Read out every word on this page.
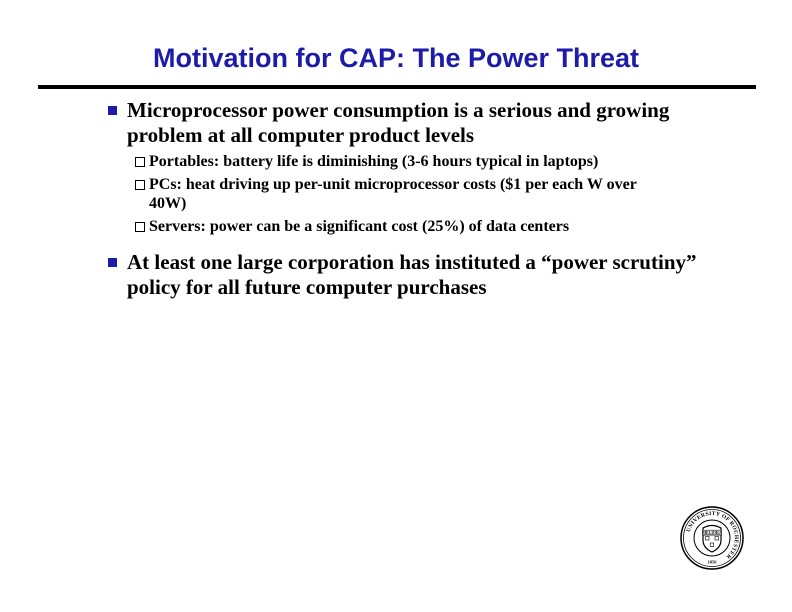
Motivation for CAP: The Power Threat
Microprocessor power consumption is a serious and growing problem at all computer product levels
Portables: battery life is diminishing (3-6 hours typical in laptops)
PCs: heat driving up per-unit microprocessor costs ($1 per each W over 40W)
Servers: power can be a significant cost (25%) of data centers
At least one large corporation has instituted a “power scrutiny” policy for all future computer purchases
UNIVERSITY OF ROCHESTER
MELIORA
1850
